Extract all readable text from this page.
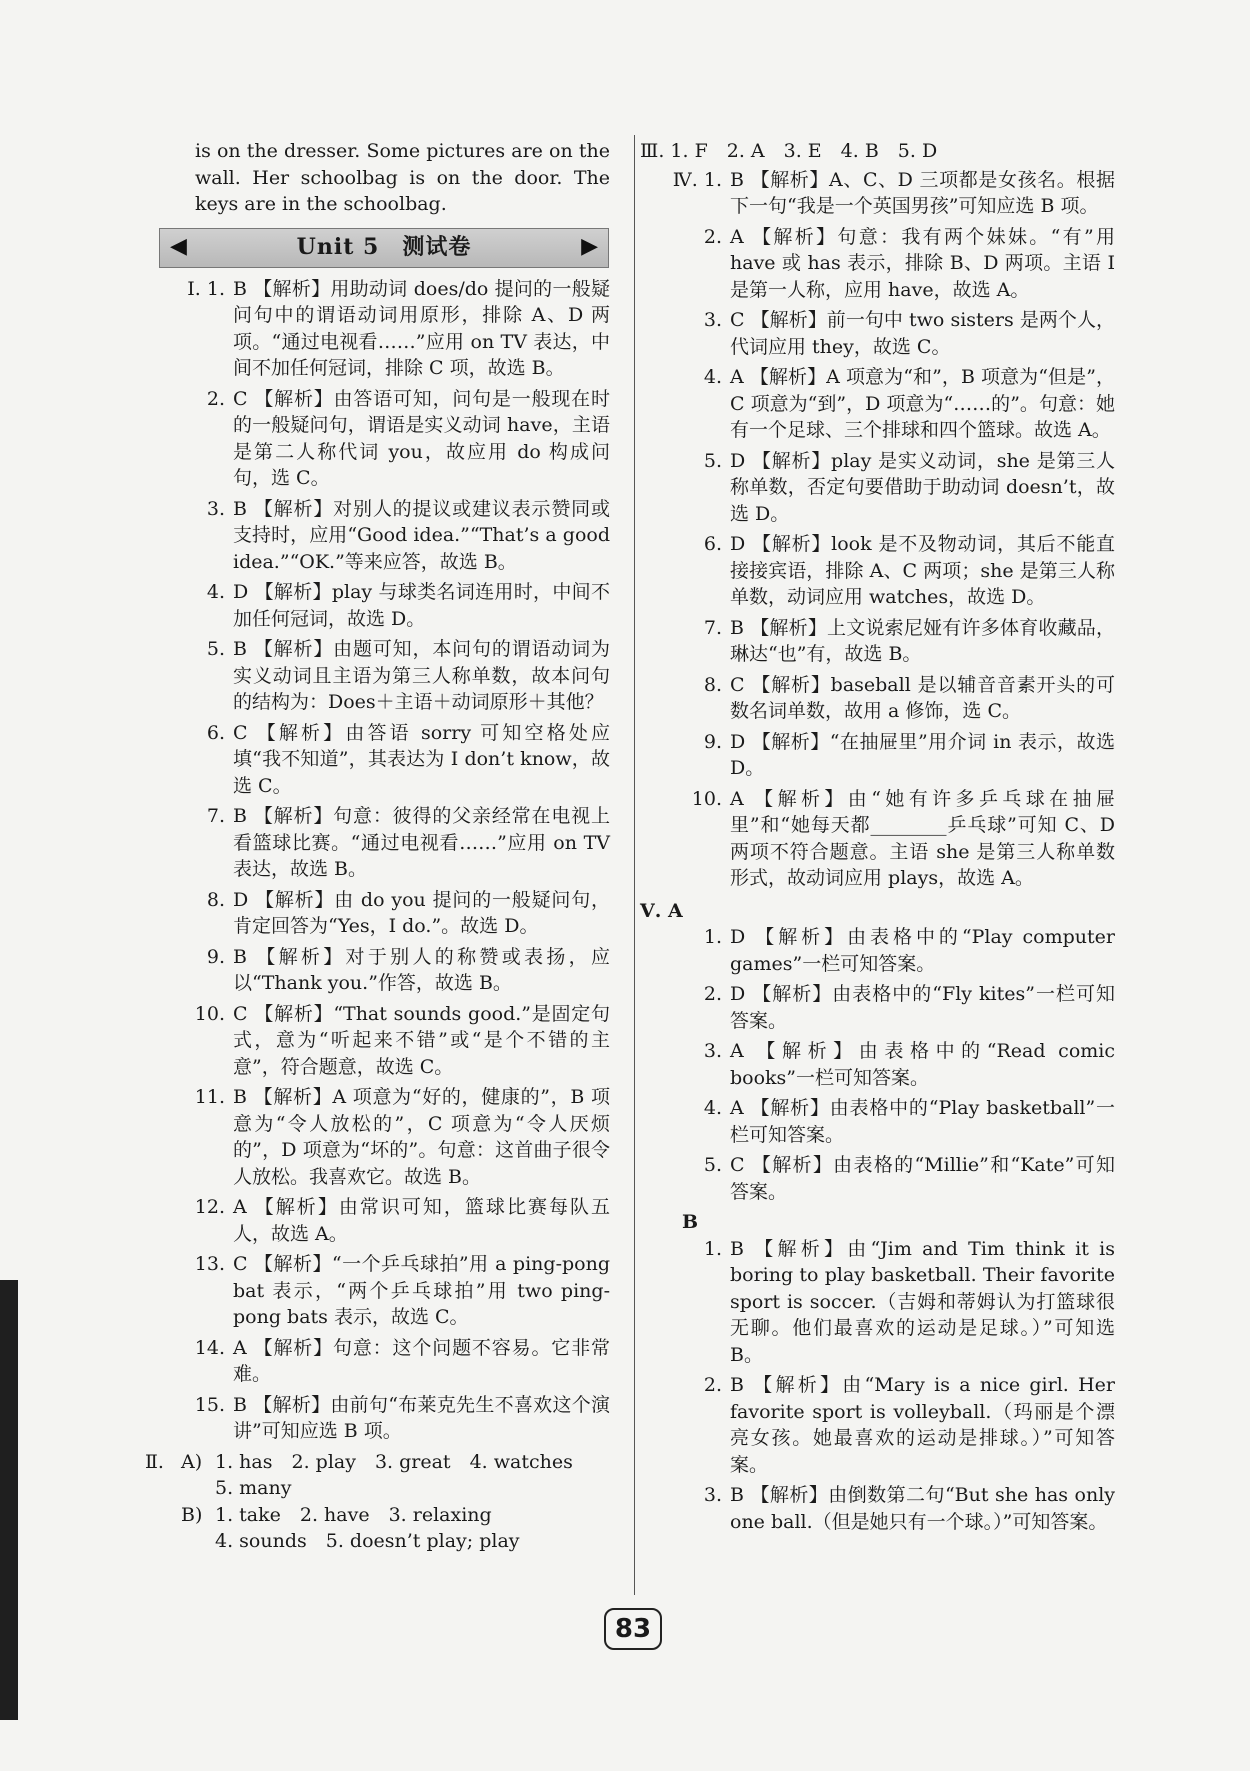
is on the dresser. Some pictures are on the wall. Her schoolbag is on the door. The keys are in the schoolbag.

◀	Unit 5　测试卷	▶
Ⅰ. 1. B 【解析】用助动词 does/do 提问的一般疑问句中的谓语动词用原形，排除 A、D 两项。“通过电视看……”应用 on TV 表达，中间不加任何冠词，排除 C 项，故选 B。
2. C 【解析】由答语可知，问句是一般现在时的一般疑问句，谓语是实义动词 have，主语是第二人称代词 you，故应用 do 构成问句，选 C。
3. B 【解析】对别人的提议或建议表示赞同或支持时，应用“Good idea.”“That’s a good idea.”“OK.”等来应答，故选 B。
4. D 【解析】play 与球类名词连用时，中间不加任何冠词，故选 D。
5. B 【解析】由题可知，本问句的谓语动词为实义动词且主语为第三人称单数，故本问句的结构为：Does＋主语＋动词原形＋其他？
6. C 【解析】由答语 sorry 可知空格处应填“我不知道”，其表达为 I don’t know，故选 C。
7. B 【解析】句意：彼得的父亲经常在电视上看篮球比赛。“通过电视看……”应用 on TV 表达，故选 B。
8. D 【解析】由 do you 提问的一般疑问句，肯定回答为“Yes，I do.”。故选 D。
9. B 【解析】对于别人的称赞或表扬，应以“Thank you.”作答，故选 B。
10. C 【解析】“That sounds good.”是固定句式，意为“听起来不错”或“是个不错的主意”，符合题意，故选 C。
11. B 【解析】A 项意为“好的，健康的”，B 项意为“令人放松的”，C 项意为“令人厌烦的”，D 项意为“坏的”。句意：这首曲子很令人放松。我喜欢它。故选 B。
12. A 【解析】由常识可知，篮球比赛每队五人，故选 A。
13. C 【解析】“一个乒乓球拍”用 a ping-pong bat 表示，“两个乒乓球拍”用 two ping-pong bats 表示，故选 C。
14. A 【解析】句意：这个问题不容易。它非常难。
15. B 【解析】由前句“布莱克先生不喜欢这个演讲”可知应选 B 项。
Ⅱ. A) 1. has　2. play　3. great　4. watches
5. many
B) 1. take　2. have　3. relaxing
4. sounds　5. doesn’t play; play
Ⅲ. 1. F　2. A　3. E　4. B　5. D
Ⅳ. 1. B 【解析】A、C、D 三项都是女孩名。根据下一句“我是一个英国男孩”可知应选 B 项。
2. A 【解析】句意：我有两个妹妹。“有”用 have 或 has 表示，排除 B、D 两项。主语 I 是第一人称，应用 have，故选 A。
3. C 【解析】前一句中 two sisters 是两个人，代词应用 they，故选 C。
4. A 【解析】A 项意为“和”，B 项意为“但是”，C 项意为“到”，D 项意为“……的”。句意：她有一个足球、三个排球和四个篮球。故选 A。
5. D 【解析】play 是实义动词，she 是第三人称单数，否定句要借助于助动词 doesn’t，故选 D。
6. D 【解析】look 是不及物动词，其后不能直接接宾语，排除 A、C 两项；she 是第三人称单数，动词应用 watches，故选 D。
7. B 【解析】上文说索尼娅有许多体育收藏品，琳达“也”有，故选 B。
8. C 【解析】baseball 是以辅音音素开头的可数名词单数，故用 a 修饰，选 C。
9. D 【解析】“在抽屉里”用介词 in 表示，故选 D。
10. A 【解析】由“她有许多乒乓球在抽屉里”和“她每天都________乒乓球”可知 C、D 两项不符合题意。主语 she 是第三人称单数形式，故动词应用 plays，故选 A。
Ⅴ. A
1. D 【解析】由表格中的“Play computer games”一栏可知答案。
2. D 【解析】由表格中的“Fly kites”一栏可知答案。
3. A 【解析】由表格中的“Read comic books”一栏可知答案。
4. A 【解析】由表格中的“Play basketball”一栏可知答案。
5. C 【解析】由表格的“Millie”和“Kate”可知答案。
B
1. B 【解析】由“Jim and Tim think it is boring to play basketball. Their favorite sport is soccer.（吉姆和蒂姆认为打篮球很无聊。他们最喜欢的运动是足球。）”可知选 B。
2. B 【解析】由“Mary is a nice girl. Her favorite sport is volleyball.（玛丽是个漂亮女孩。她最喜欢的运动是排球。）”可知答案。
3. B 【解析】由倒数第二句“But she has only one ball.（但是她只有一个球。）”可知答案。
83
